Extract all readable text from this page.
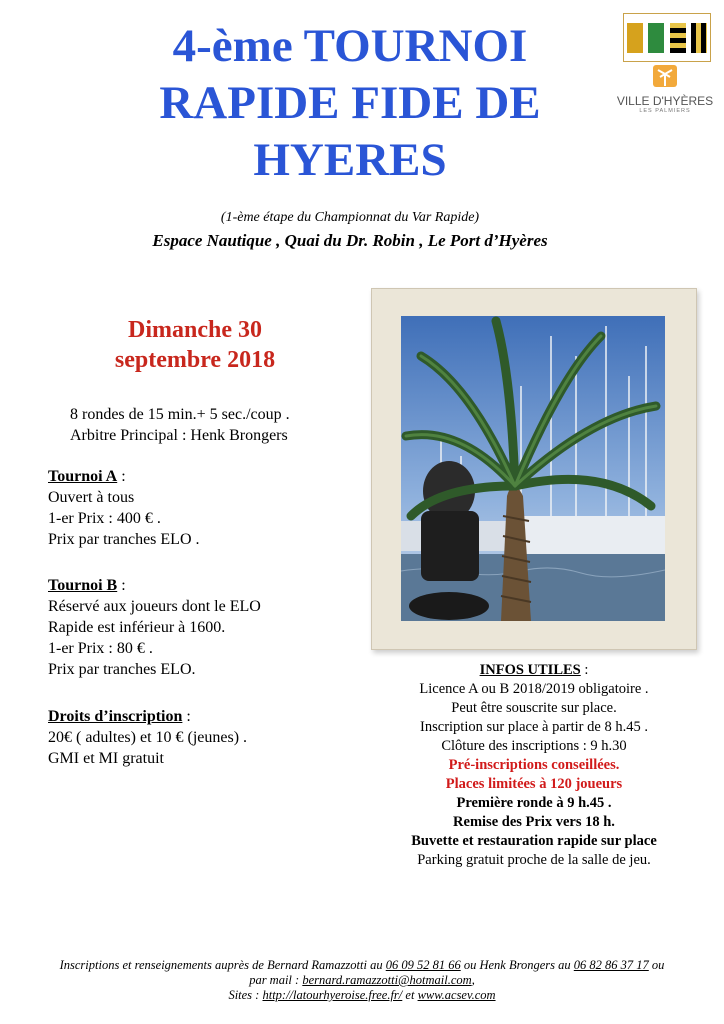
4-ème TOURNOI
RAPIDE FIDE DE
HYERES
VILLE D'HYÈRES
LES PALMIERS
(1-ème étape du Championnat du Var Rapide)
Espace Nautique , Quai du Dr. Robin , Le Port d’Hyères
Dimanche 30
septembre 2018
8 rondes de 15 min.+ 5 sec./coup .
Arbitre Principal : Henk Brongers
Tournoi A :
Ouvert à tous
1-er Prix : 400 € .
Prix par tranches ELO .
Tournoi B :
Réservé aux joueurs dont le ELO
Rapide est inférieur à 1600.
1-er Prix : 80 € .
Prix par tranches ELO.
Droits d’inscription :
20€ ( adultes) et 10 € (jeunes) .
GMI et MI gratuit
INFOS UTILES :
Licence A ou B 2018/2019 obligatoire .
Peut être souscrite sur place.
Inscription sur place à partir de 8 h.45 .
Clôture des inscriptions : 9 h.30
Pré-inscriptions conseillées.
Places limitées à 120 joueurs
Première ronde à 9 h.45 .
Remise des Prix vers 18 h.
Buvette et restauration rapide sur place
Parking gratuit proche de la salle de jeu.
Inscriptions et renseignements auprès de Bernard Ramazzotti au 06 09 52 81 66 ou Henk Brongers au 06 82 86 37 17 ou
par mail : bernard.ramazzotti@hotmail.com,
Sites : http://latourhyeroise.free.fr/ et www.acsev.com
